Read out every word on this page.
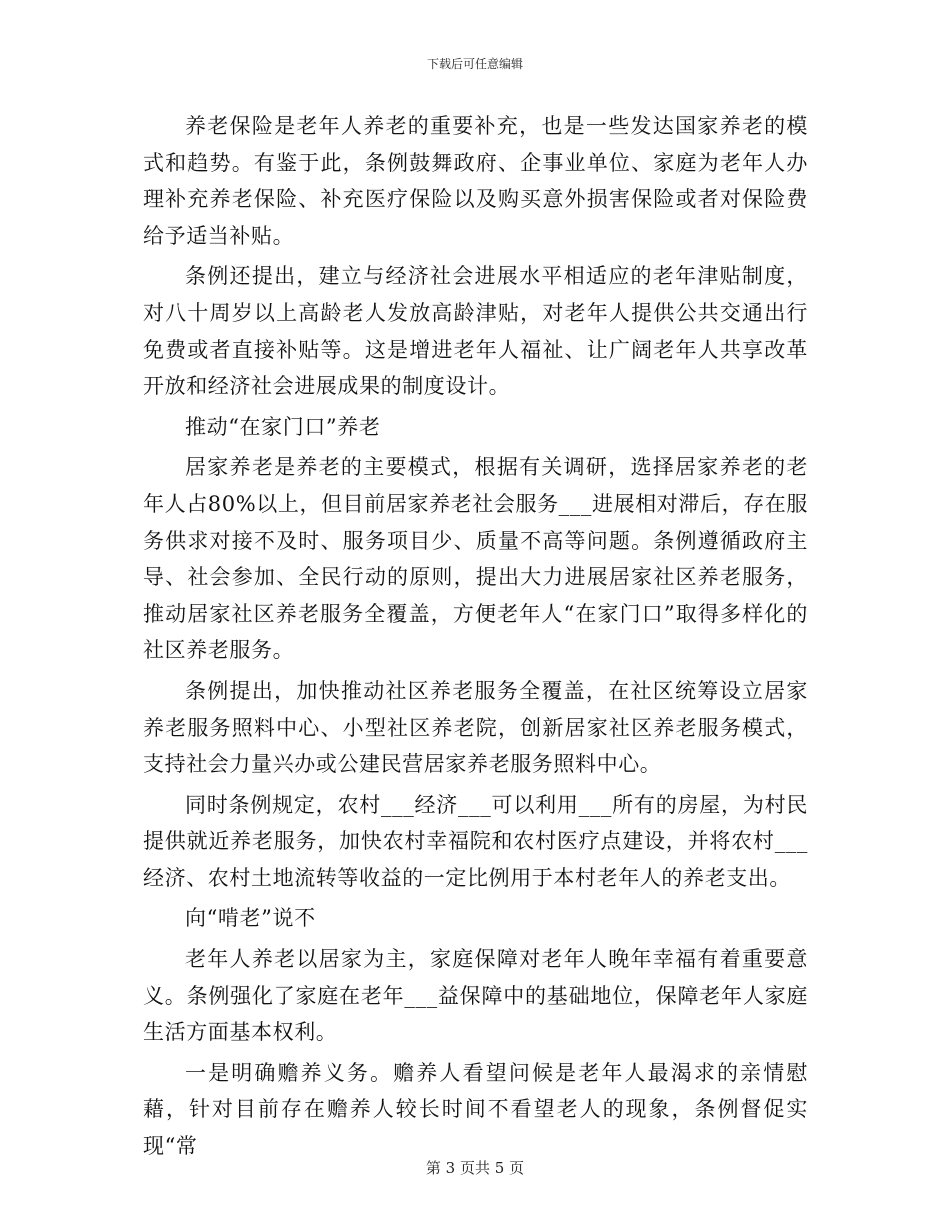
下载后可任意编辑

养老保险是老年人养老的重要补充，也是一些发达国家养老的模式和趋势。有鉴于此，条例鼓舞政府、企事业单位、家庭为老年人办理补充养老保险、补充医疗保险以及购买意外损害保险或者对保险费给予适当补贴。

条例还提出，建立与经济社会进展水平相适应的老年津贴制度，对八十周岁以上高龄老人发放高龄津贴，对老年人提供公共交通出行免费或者直接补贴等。这是增进老年人福祉、让广阔老年人共享改革开放和经济社会进展成果的制度设计。

推动“在家门口”养老

居家养老是养老的主要模式，根据有关调研，选择居家养老的老年人占80%以上，但目前居家养老社会服务___进展相对滞后，存在服务供求对接不及时、服务项目少、质量不高等问题。条例遵循政府主导、社会参加、全民行动的原则，提出大力进展居家社区养老服务，推动居家社区养老服务全覆盖，方便老年人“在家门口”取得多样化的社区养老服务。

条例提出，加快推动社区养老服务全覆盖，在社区统筹设立居家养老服务照料中心、小型社区养老院，创新居家社区养老服务模式，支持社会力量兴办或公建民营居家养老服务照料中心。

同时条例规定，农村___经济___可以利用___所有的房屋，为村民提供就近养老服务，加快农村幸福院和农村医疗点建设，并将农村___经济、农村土地流转等收益的一定比例用于本村老年人的养老支出。

向“啃老”说不

老年人养老以居家为主，家庭保障对老年人晚年幸福有着重要意义。条例强化了家庭在老年___益保障中的基础地位，保障老年人家庭生活方面基本权利。

一是明确赡养义务。赡养人看望问候是老年人最渴求的亲情慰藉，针对目前存在赡养人较长时间不看望老人的现象，条例督促实现“常

第 3 页共 5 页
